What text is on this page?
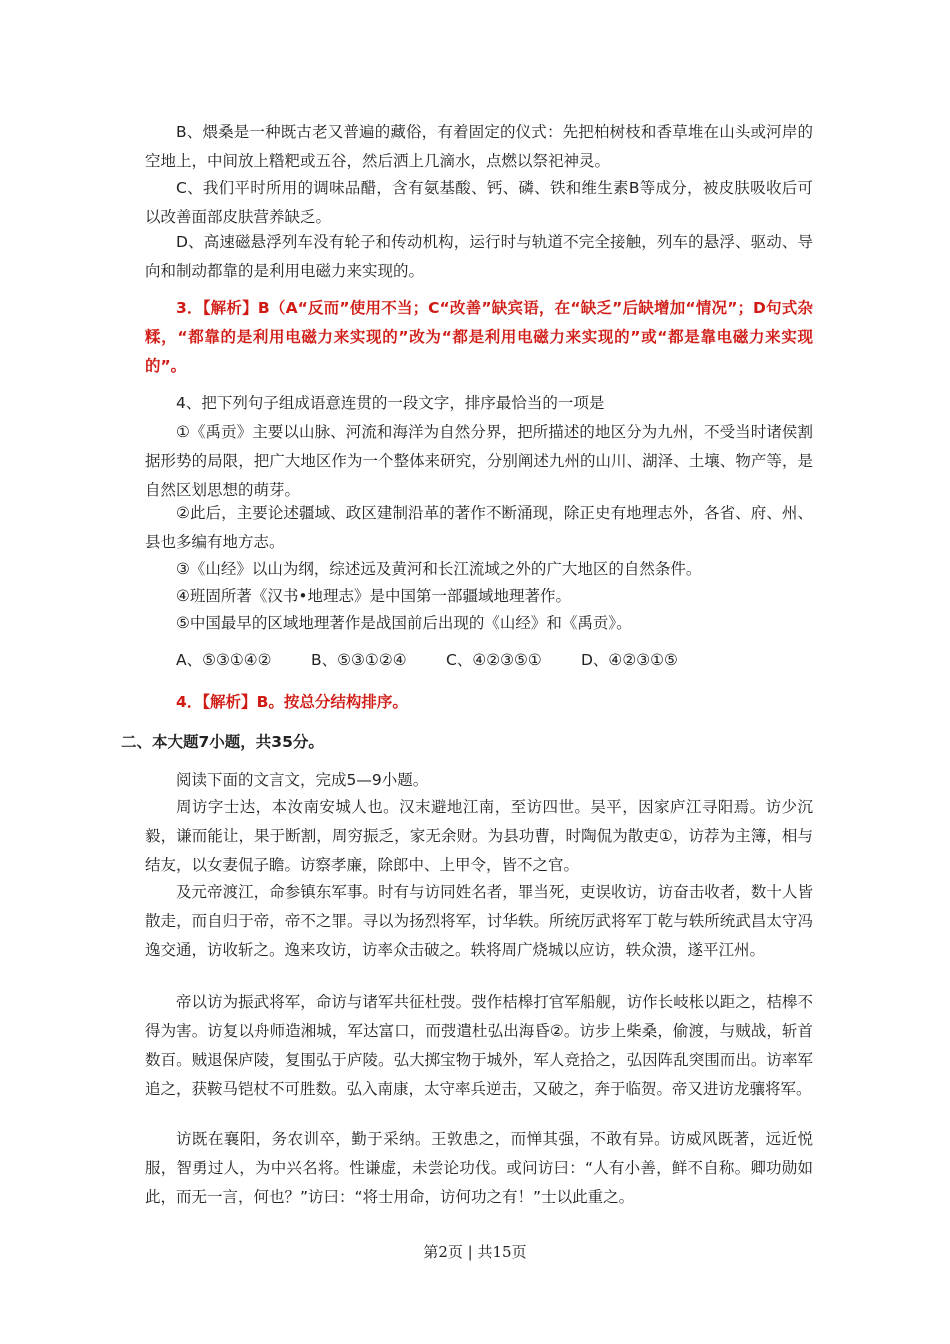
B、煨桑是一种既古老又普遍的藏俗，有着固定的仪式：先把柏树枝和香草堆在山头或河岸的空地上，中间放上糌粑或五谷，然后洒上几滴水，点燃以祭祀神灵。

C、我们平时所用的调味品醋，含有氨基酸、钙、磷、铁和维生素B等成分，被皮肤吸收后可以改善面部皮肤营养缺乏。

D、高速磁悬浮列车没有轮子和传动机构，运行时与轨道不完全接触，列车的悬浮、驱动、导向和制动都靠的是利用电磁力来实现的。

3．【解析】B（A“反而”使用不当；C“改善”缺宾语，在“缺乏”后缺增加“情况”；D句式杂糅，“都靠的是利用电磁力来实现的”改为“都是利用电磁力来实现的”或“都是靠电磁力来实现的”。

4、把下列句子组成语意连贯的一段文字，排序最恰当的一项是

①《禹贡》主要以山脉、河流和海洋为自然分界，把所描述的地区分为九州，不受当时诸侯割据形势的局限，把广大地区作为一个整体来研究，分别阐述九州的山川、湖泽、土壤、物产等，是自然区划思想的萌芽。

②此后，主要论述疆域、政区建制沿革的著作不断涌现，除正史有地理志外，各省、府、州、县也多编有地方志。

③《山经》以山为纲，综述远及黄河和长江流域之外的广大地区的自然条件。

④班固所著《汉书•地理志》是中国第一部疆域地理著作。

⑤中国最早的区域地理著作是战国前后出现的《山经》和《禹贡》。

A、⑤③①④②	B、⑤③①②④	C、④②③⑤①	D、④②③①⑤

4．【解析】B。按总分结构排序。

二、本大题7小题，共35分。

阅读下面的文言文，完成5—9小题。

周访字士达，本汝南安城人也。汉末避地江南，至访四世。吴平，因家庐江寻阳焉。访少沉毅，谦而能让，果于断割，周穷振乏，家无余财。为县功曹，时陶侃为散吏①，访荐为主簿，相与结友，以女妻侃子瞻。访察孝廉，除郎中、上甲令，皆不之官。

及元帝渡江，命参镇东军事。时有与访同姓名者，罪当死，吏误收访，访奋击收者，数十人皆散走，而自归于帝，帝不之罪。寻以为扬烈将军，讨华轶。所统厉武将军丁乾与轶所统武昌太守冯逸交通，访收斩之。逸来攻访，访率众击破之。轶将周广烧城以应访，轶众溃，遂平江州。

帝以访为振武将军，命访与诸军共征杜弢。弢作桔槔打官军船舰，访作长岐枨以距之，桔槔不得为害。访复以舟师造湘城，军达富口，而弢遣杜弘出海昏②。访步上柴桑，偷渡，与贼战，斩首数百。贼退保庐陵，复围弘于庐陵。弘大掷宝物于城外，军人竞拾之，弘因阵乱突围而出。访率军追之，获鞍马铠杖不可胜数。弘入南康，太守率兵逆击，又破之，奔于临贺。帝又进访龙骧将军。

访既在襄阳，务农训卒，勤于采纳。王敦患之，而惮其强，不敢有异。访威风既著，远近悦服，智勇过人，为中兴名将。性谦虚，未尝论功伐。或问访曰：“人有小善，鲜不自称。卿功勋如此，而无一言，何也？”访曰：“将士用命，访何功之有！”士以此重之。

第2页 | 共15页
